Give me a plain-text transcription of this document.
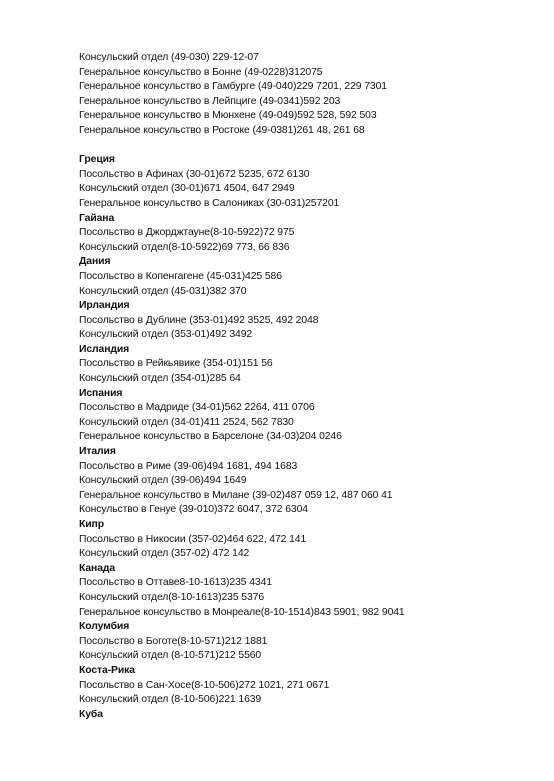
Консульский отдел (49-030) 229-12-07
Генеральное консульство в Бонне (49-0228)312075
Генеральное консульство в Гамбурге (49-040)229 7201, 229 7301
Генеральное консульство в Лейпциге (49-0341)592 203
Генеральное консульство в Мюнхене (49-049)592 528, 592 503
Генеральное консульство в Ростоке (49-0381)261 48, 261 68
Греция
Посольство в Афинах (30-01)672 5235, 672 6130
Консульский отдел (30-01)671 4504, 647 2949
Генеральное консульство в Салониках (30-031)257201
Гайана
Посольство в Джорджтауне(8-10-5922)72 975
Консульский отдел(8-10-5922)69 773, 66 836
Дания
Посольство в Копенгагене (45-031)425 586
Консульский отдел (45-031)382 370
Ирландия
Посольство в Дублине (353-01)492 3525, 492 2048
Консульский отдел (353-01)492 3492
Исландия
Посольство в Рейкьявике (354-01)151 56
Консульский отдел (354-01)285 64
Испания
Посольство в Мадриде (34-01)562 2264, 411 0706
Консульский отдел (34-01)411 2524, 562 7830
Генеральное консульство в Барселоне (34-03)204 0246
Италия
Посольство в Риме (39-06)494 1681, 494 1683
Консульский отдел (39-06)494 1649
Генеральное консульство в Милане (39-02)487 059 12, 487 060 41
Консульство в Генуе (39-010)372 6047, 372 6304
Кипр
Посольство в Никосии (357-02)464 622, 472 141
Консульский отдел (357-02) 472 142
Канада
Посольство в Оттаве8-10-1613)235 4341
Консульский отдел(8-10-1613)235 5376
Генеральное консульство в Монреале(8-10-1514)843 5901, 982 9041
Колумбия
Посольство в Боготе(8-10-571)212 1881
Консульский отдел (8-10-571)212 5560
Коста-Рика
Посольство в Сан-Хосе(8-10-506)272 1021, 271 0671
Консульский отдел (8-10-506)221 1639
Куба
